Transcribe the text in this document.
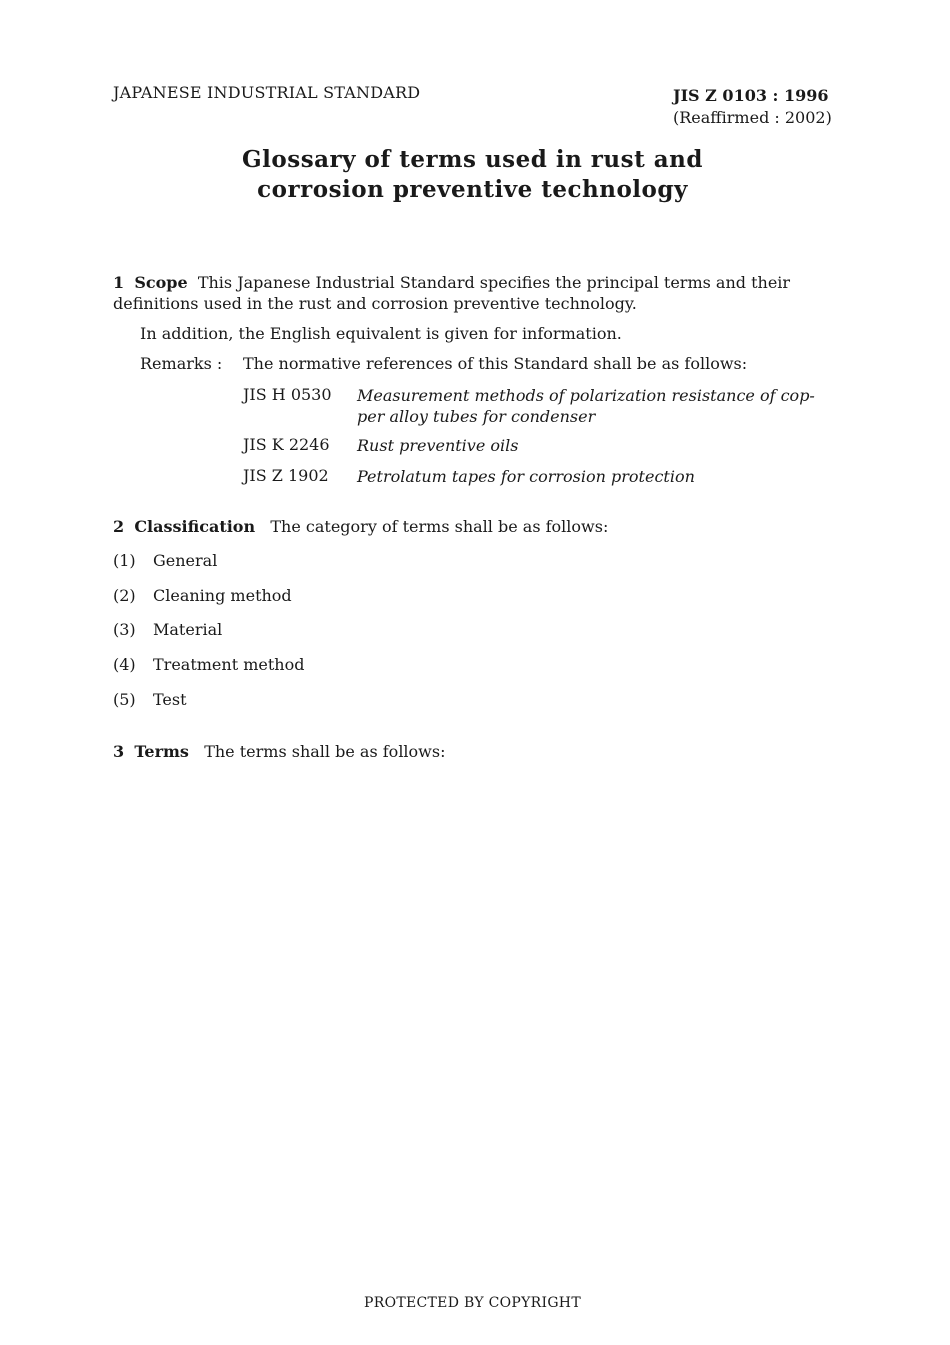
JAPANESE INDUSTRIAL STANDARD	JIS Z 0103 : 1996
(Reaffirmed : 2002)
Glossary of terms used in rust and
corrosion preventive technology
1 Scope This Japanese Industrial Standard specifies the principal terms and their definitions used in the rust and corrosion preventive technology.
In addition, the English equivalent is given for information.
Remarks : The normative references of this Standard shall be as follows:
JIS H 0530 Measurement methods of polarization resistance of cop-
per alloy tubes for condenser
JIS K 2246 Rust preventive oils
JIS Z 1902 Petrolatum tapes for corrosion protection
2 Classification The category of terms shall be as follows:
(1) General
(2) Cleaning method
(3) Material
(4) Treatment method
(5) Test
3 Terms The terms shall be as follows:
PROTECTED BY COPYRIGHT
